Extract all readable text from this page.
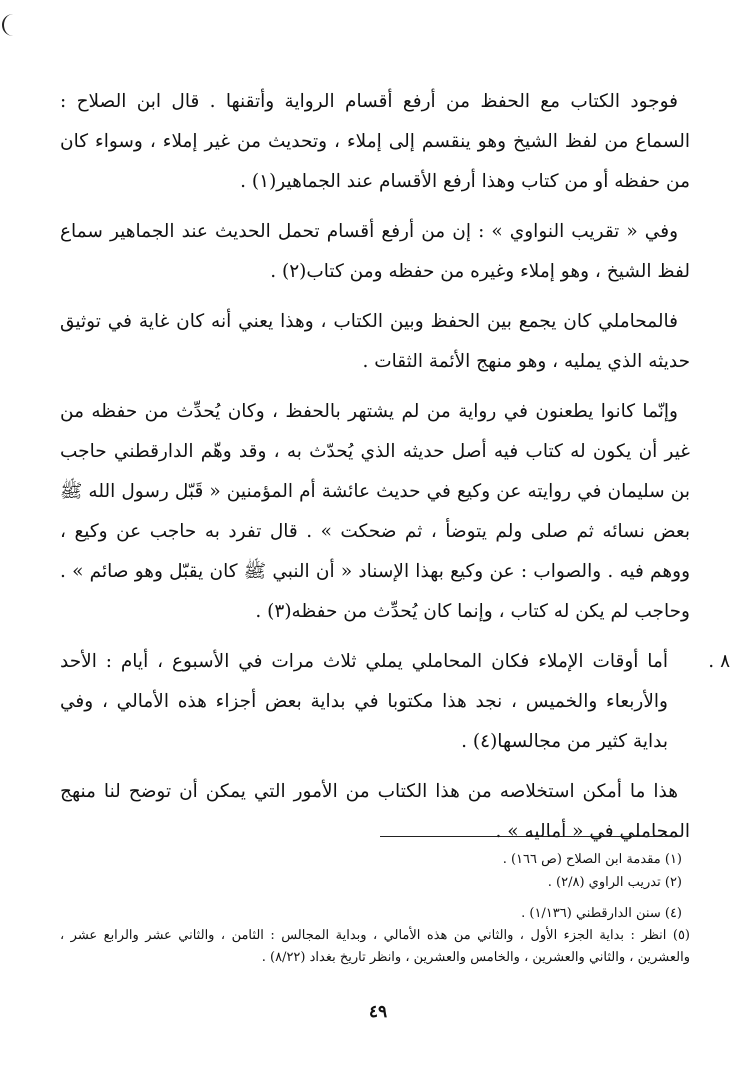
فوجود الكتاب مع الحفظ من أرفع أقسام الرواية وأتقنها . قال ابن الصلاح : السماع من لفظ الشيخ وهو ينقسم إلى إملاء ، وتحديث من غير إملاء ، وسواء كان من حفظه أو من كتاب وهذا أرفع الأقسام عند الجماهير(١) .

وفي « تقريب النواوي » : إن من أرفع أقسام تحمل الحديث عند الجماهير سماع لفظ الشيخ ، وهو إملاء وغيره من حفظه ومن كتاب(٢) .

فالمحاملي كان يجمع بين الحفظ وبين الكتاب ، وهذا يعني أنه كان غاية في توثيق حديثه الذي يمليه ، وهو منهج الأئمة الثقات .

وإنّما كانوا يطعنون في رواية من لم يشتهر بالحفظ ، وكان يُحدِّث من حفظه من غير أن يكون له كتاب فيه أصل حديثه الذي يُحدّث به ، وقد وهّم الدارقطني حاجب بن سليمان في روايته عن وكيع في حديث عائشة أم المؤمنين « قَبّل رسول الله ﷺ بعض نسائه ثم صلى ولم يتوضأ ، ثم ضحكت » . قال تفرد به حاجب عن وكيع ، ووهم فيه . والصواب : عن وكيع بهذا الإسناد « أن النبي ﷺ كان يقبّل وهو صائم » . وحاجب لم يكن له كتاب ، وإنما كان يُحدِّث من حفظه(٣) .

٨ .
أما أوقات الإملاء فكان المحاملي يملي ثلاث مرات في الأسبوع ، أيام : الأحد والأربعاء والخميس ، نجد هذا مكتوبا في بداية بعض أجزاء هذه الأمالي ، وفي بداية كثير من مجالسها(٤) .

هذا ما أمكن استخلاصه من هذا الكتاب من الأمور التي يمكن أن توضح لنا منهج المحاملي في « أماليه » .

(١) مقدمة ابن الصلاح (ص ١٦٦) .

(٢) تدريب الراوي (٢/٨) .

(٤) سنن الدارقطني (١/١٣٦) .

(٥) انظر : بداية الجزء الأول ، والثاني من هذه الأمالي ، وبداية المجالس : الثامن ، والثاني عشر والرابع عشر ، والعشرين ، والثاني والعشرين ، والخامس والعشرين ، وانظر تاريخ بغداد (٨/٢٢) .

٤٩
